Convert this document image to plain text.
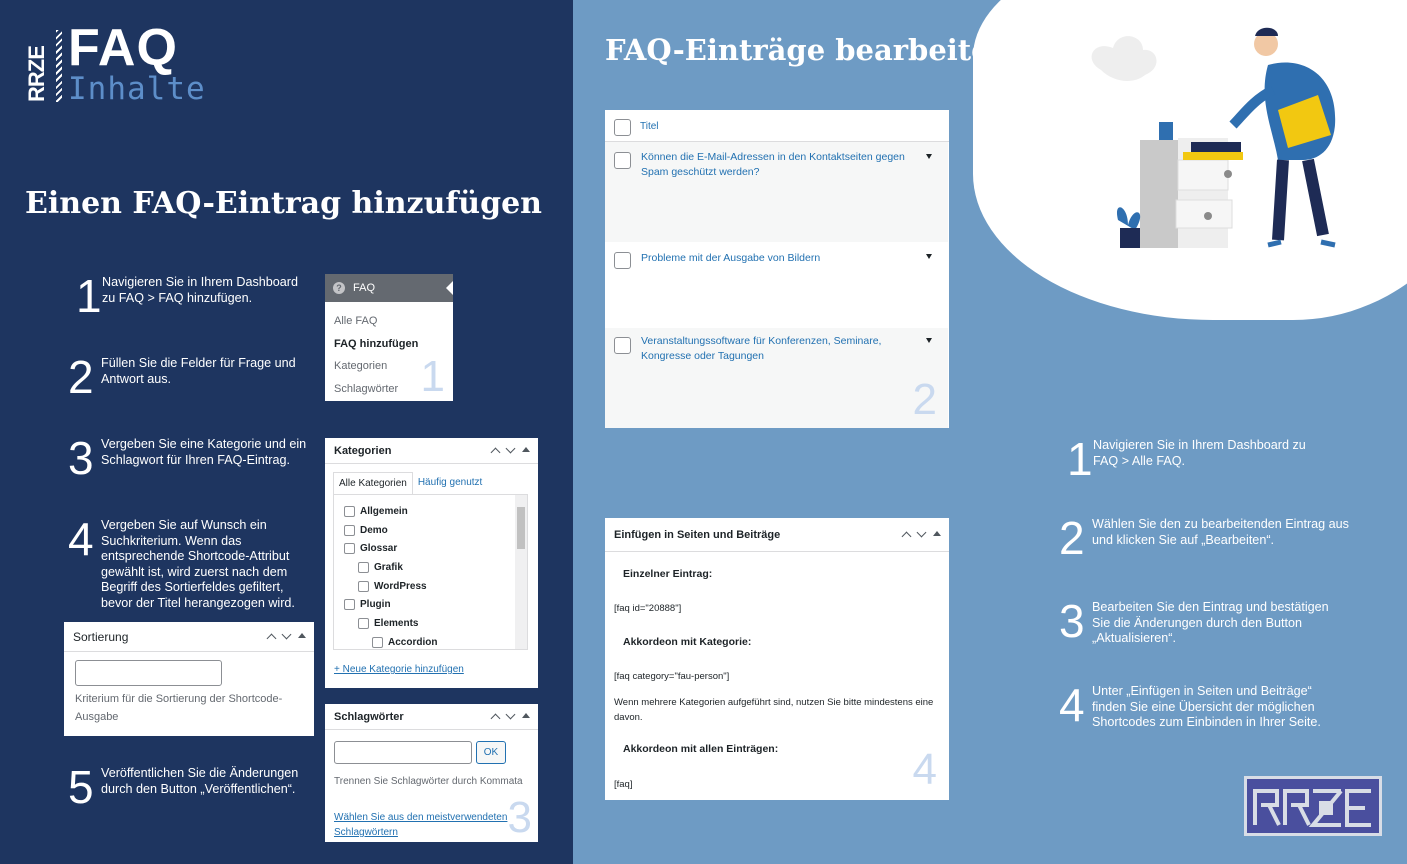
RRZE FAQ
Inhalte
Einen FAQ-Eintrag hinzufügen
1 Navigieren Sie in Ihrem Dashboard zu FAQ > FAQ hinzufügen.
2 Füllen Sie die Felder für Frage und Antwort aus.
3 Vergeben Sie eine Kategorie und ein Schlagwort für Ihren FAQ-Eintrag.
4 Vergeben Sie auf Wunsch ein Suchkriterium. Wenn das entsprechende Shortcode-Attribut gewählt ist, wird zuerst nach dem Begriff des Sortierfeldes gefiltert, bevor der Titel herangezogen wird.
5 Veröffentlichen Sie die Änderungen durch den Button „Veröffentlichen“.
? FAQ
Alle FAQ
FAQ hinzufügen
Kategorien
Schlagwörter 1
Kategorien
Alle Kategorien	Häufig genutzt
Allgemein
Demo
Glossar
Grafik
WordPress
Plugin
Elements
Accordion
+ Neue Kategorie hinzufügen
Schlagwörter
OK
Trennen Sie Schlagwörter durch Kommata
Wählen Sie aus den meistverwendeten Schlagwörtern	3
Sortierung
Kriterium für die Sortierung der Shortcode-Ausgabe
FAQ-Einträge bearbeiten
Titel
Können die E-Mail-Adressen in den Kontaktseiten gegen Spam geschützt werden?
Probleme mit der Ausgabe von Bildern
Veranstaltungssoftware für Konferenzen, Seminare, Kongresse oder Tagungen
2
Einfügen in Seiten und Beiträge
Einzelner Eintrag:
[faq id="20888"]
Akkordeon mit Kategorie:
[faq category="fau-person"]
Wenn mehrere Kategorien aufgeführt sind, nutzen Sie bitte mindestens eine davon.
Akkordeon mit allen Einträgen:
[faq]	4
1 Navigieren Sie in Ihrem Dashboard zu FAQ > Alle FAQ.
2 Wählen Sie den zu bearbeitenden Eintrag aus und klicken Sie auf „Bearbeiten“.
3 Bearbeiten Sie den Eintrag und bestätigen Sie die Änderungen durch den Button „Aktualisieren“.
4 Unter „Einfügen in Seiten und Beiträge“ finden Sie eine Übersicht der möglichen Shortcodes zum Einbinden in Ihrer Seite.
